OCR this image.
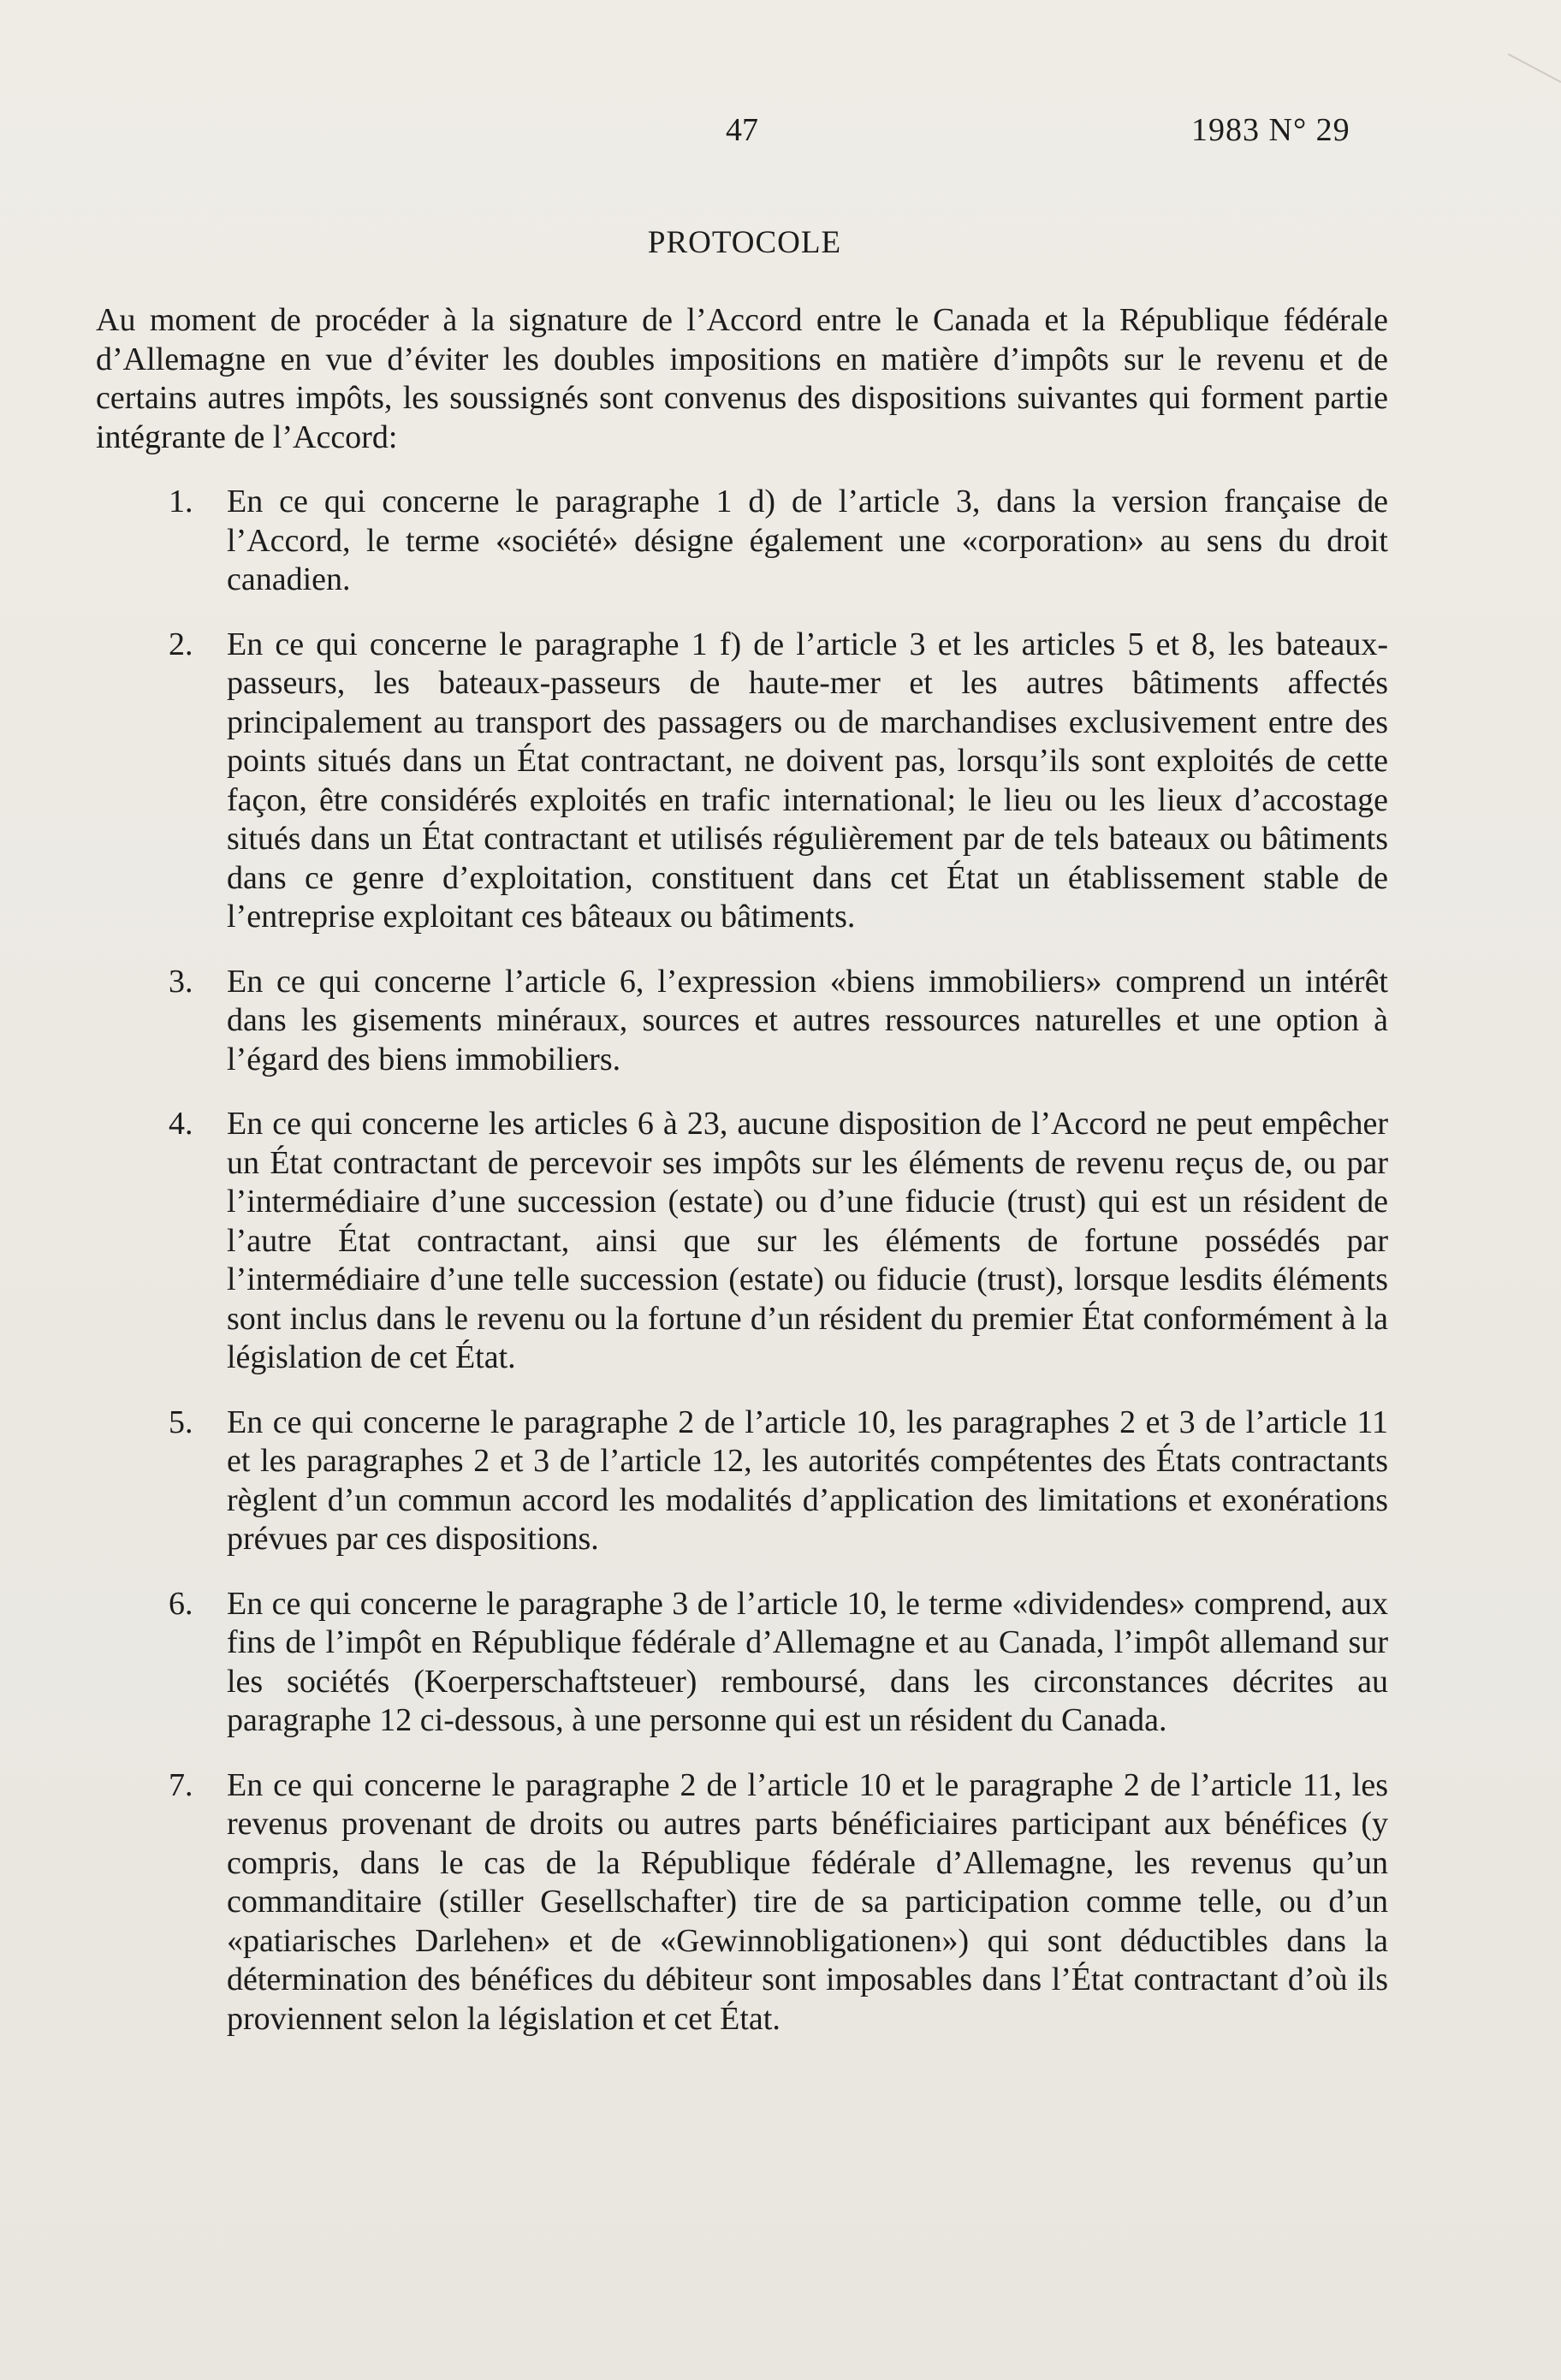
47	1983 N° 29
PROTOCOLE

Au moment de procéder à la signature de l’Accord entre le Canada et la République fédérale d’Allemagne en vue d’éviter les doubles impositions en matière d’impôts sur le revenu et de certains autres impôts, les soussignés sont convenus des dispositions suivantes qui forment partie intégrante de l’Accord:

1.	En ce qui concerne le paragraphe 1 d) de l’article 3, dans la version française de l’Accord, le terme «société» désigne également une «corporation» au sens du droit canadien.
2.	En ce qui concerne le paragraphe 1 f) de l’article 3 et les articles 5 et 8, les bateaux-passeurs, les bateaux-passeurs de haute-mer et les autres bâtiments affectés principalement au transport des passagers ou de marchandises exclusivement entre des points situés dans un État contractant, ne doivent pas, lorsqu’ils sont exploités de cette façon, être considérés exploités en trafic international; le lieu ou les lieux d’accostage situés dans un État contractant et utilisés régulièrement par de tels bateaux ou bâtiments dans ce genre d’exploitation, constituent dans cet État un établissement stable de l’entreprise exploitant ces bâteaux ou bâtiments.
3.	En ce qui concerne l’article 6, l’expression «biens immobiliers» comprend un intérêt dans les gisements minéraux, sources et autres ressources naturelles et une option à l’égard des biens immobiliers.
4.	En ce qui concerne les articles 6 à 23, aucune disposition de l’Accord ne peut empêcher un État contractant de percevoir ses impôts sur les éléments de revenu reçus de, ou par l’intermédiaire d’une succession (estate) ou d’une fiducie (trust) qui est un résident de l’autre État contractant, ainsi que sur les éléments de fortune possédés par l’intermédiaire d’une telle succession (estate) ou fiducie (trust), lorsque lesdits éléments sont inclus dans le revenu ou la fortune d’un résident du premier État conformément à la législation de cet État.
5.	En ce qui concerne le paragraphe 2 de l’article 10, les paragraphes 2 et 3 de l’article 11 et les paragraphes 2 et 3 de l’article 12, les autorités compétentes des États contractants règlent d’un commun accord les modalités d’application des limitations et exonérations prévues par ces dispositions.
6.	En ce qui concerne le paragraphe 3 de l’article 10, le terme «dividendes» comprend, aux fins de l’impôt en République fédérale d’Allemagne et au Canada, l’impôt allemand sur les sociétés (Koerperschaftsteuer) remboursé, dans les circonstances décrites au paragraphe 12 ci-dessous, à une personne qui est un résident du Canada.
7.	En ce qui concerne le paragraphe 2 de l’article 10 et le paragraphe 2 de l’article 11, les revenus provenant de droits ou autres parts bénéficiaires participant aux bénéfices (y compris, dans le cas de la République fédérale d’Allemagne, les revenus qu’un commanditaire (stiller Gesellschafter) tire de sa participation comme telle, ou d’un «patiarisches Darlehen» et de «Gewinnobligationen») qui sont déductibles dans la détermination des bénéfices du débiteur sont imposables dans l’État contractant d’où ils proviennent selon la législation et cet État.
